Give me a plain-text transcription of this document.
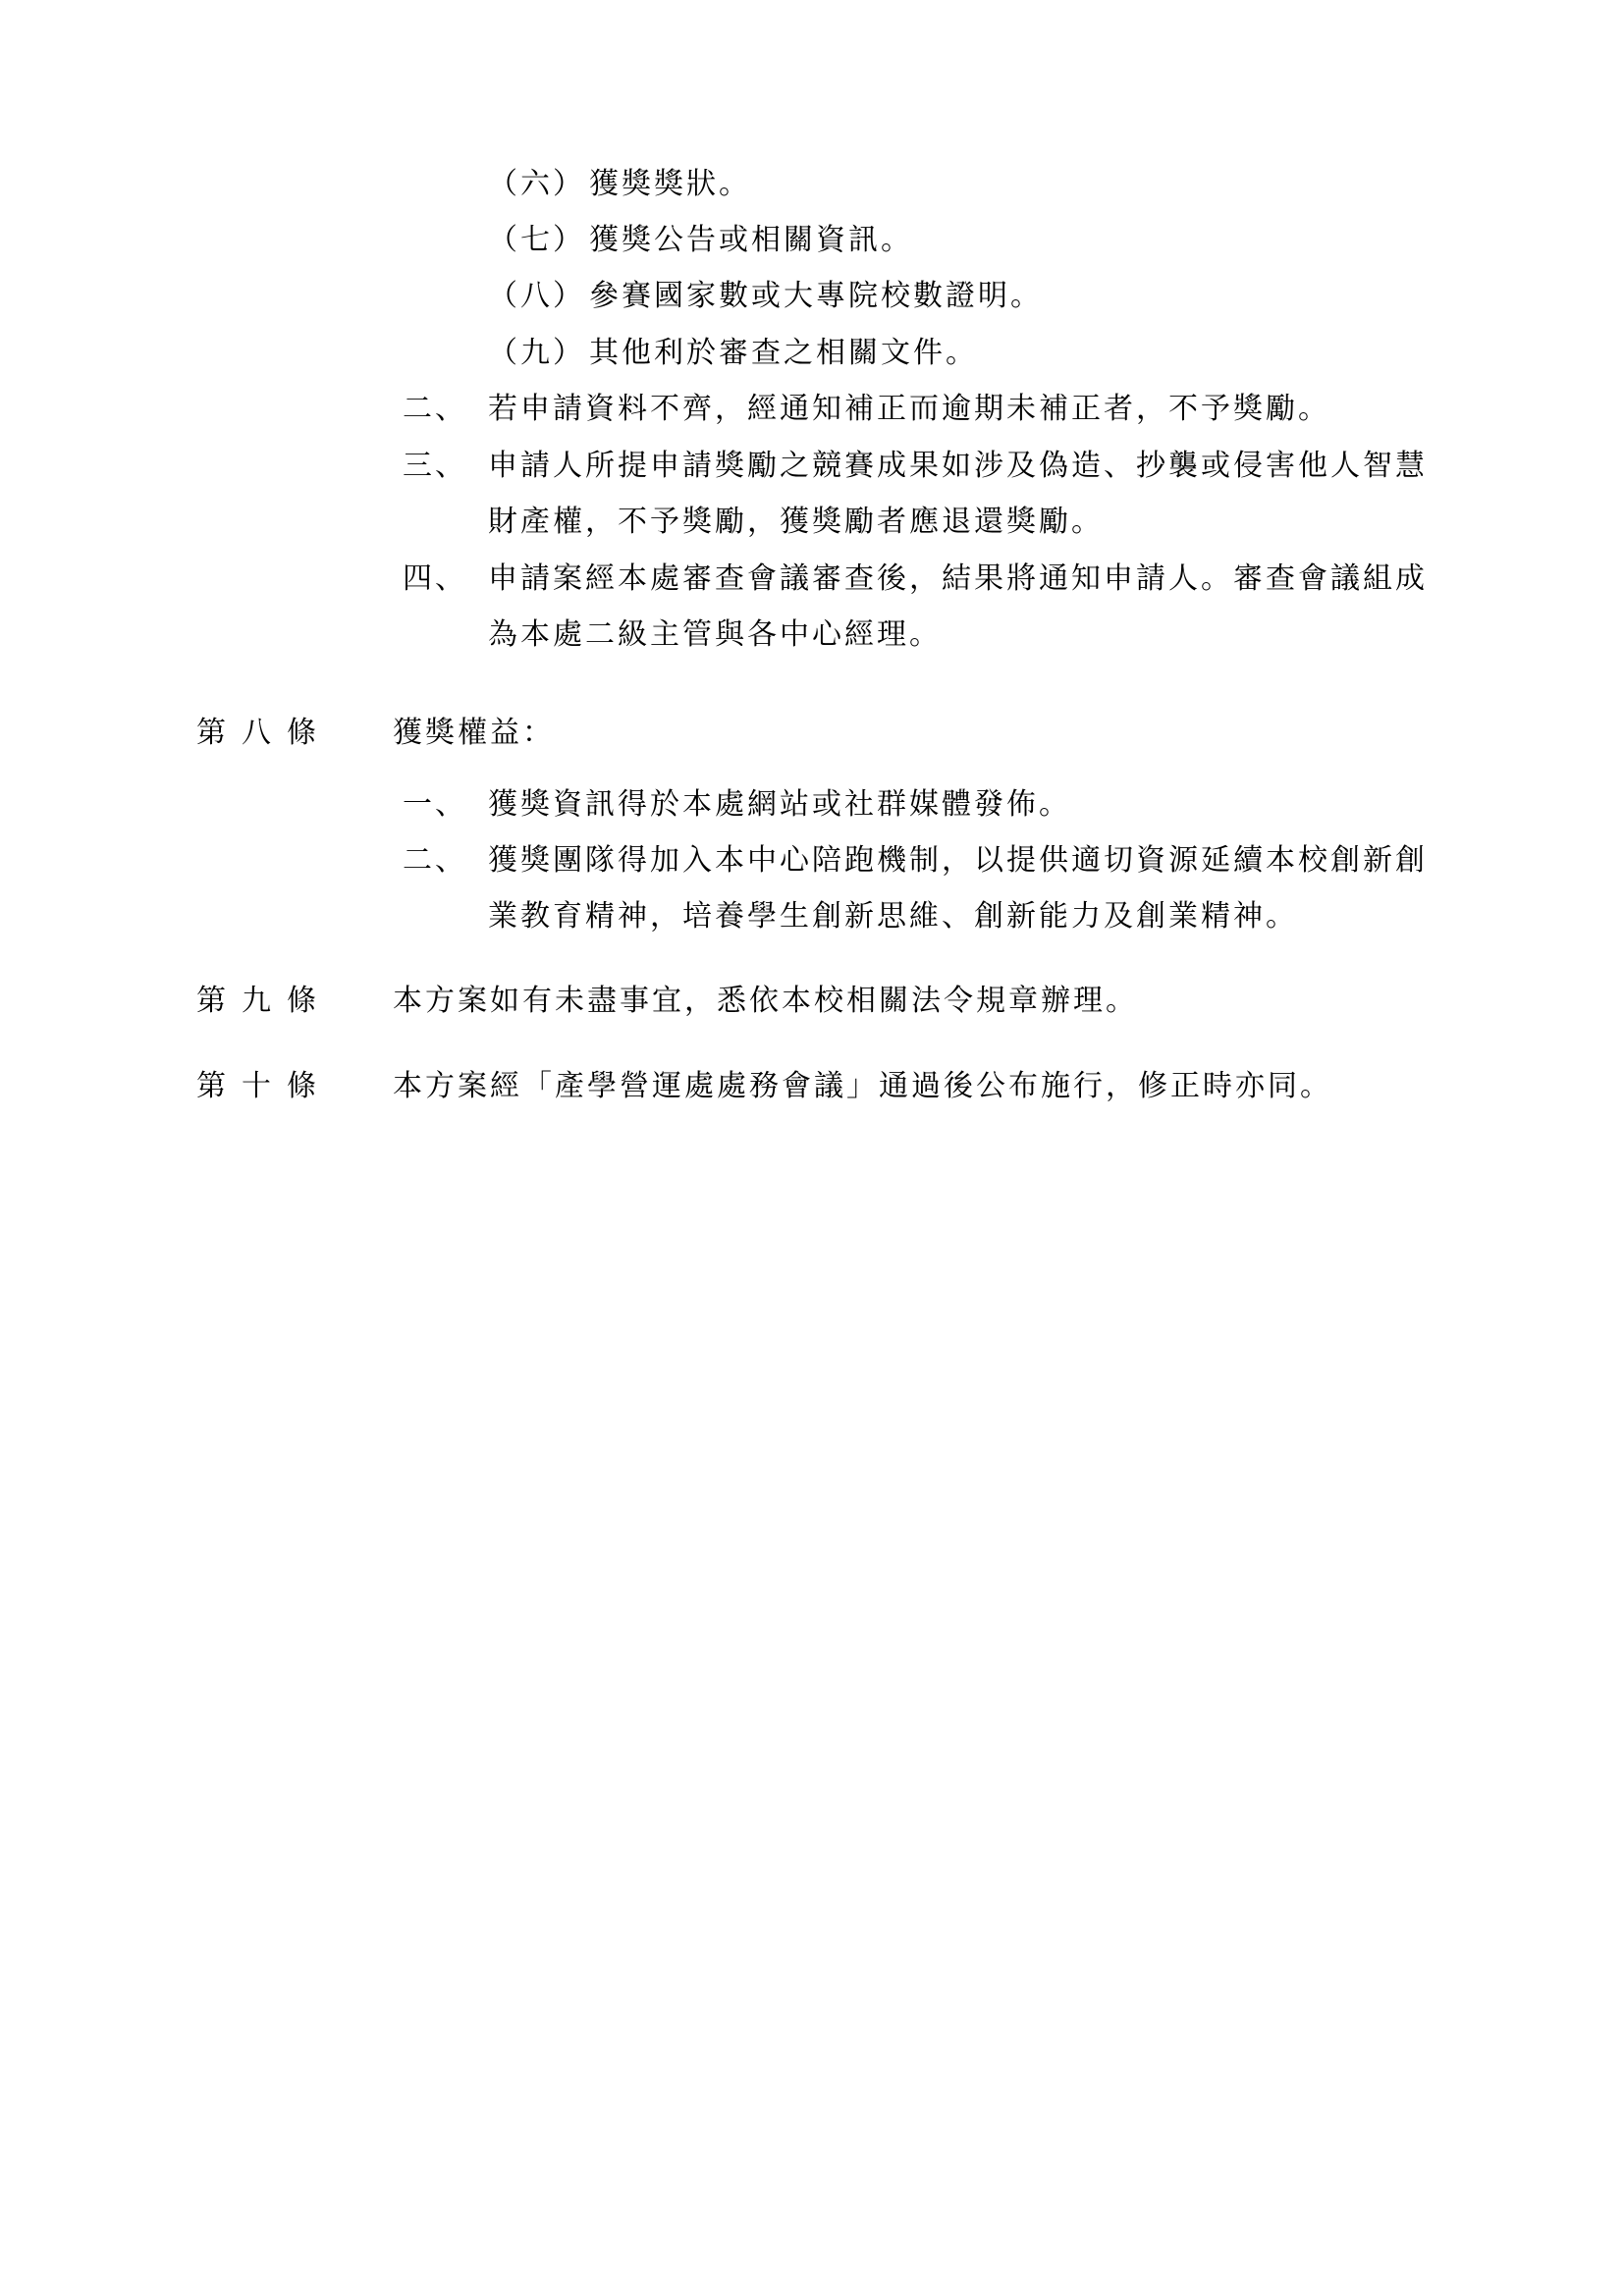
（六） 獲獎獎狀。
（七） 獲獎公告或相關資訊。
（八） 參賽國家數或大專院校數證明。
（九） 其他利於審查之相關文件。
二、 若申請資料不齊，經通知補正而逾期未補正者，不予獎勵。
三、 申請人所提申請獎勵之競賽成果如涉及偽造、抄襲或侵害他人智慧
財產權，不予獎勵，獲獎勵者應退還獎勵。
四、 申請案經本處審查會議審查後，結果將通知申請人。審查會議組成
為本處二級主管與各中心經理。
第八條 獲獎權益：
一、 獲獎資訊得於本處網站或社群媒體發佈。
二、 獲獎團隊得加入本中心陪跑機制，以提供適切資源延續本校創新創
業教育精神，培養學生創新思維、創新能力及創業精神。
第九條 本方案如有未盡事宜，悉依本校相關法令規章辦理。
第十條 本方案經「產學營運處處務會議」通過後公布施行，修正時亦同。
